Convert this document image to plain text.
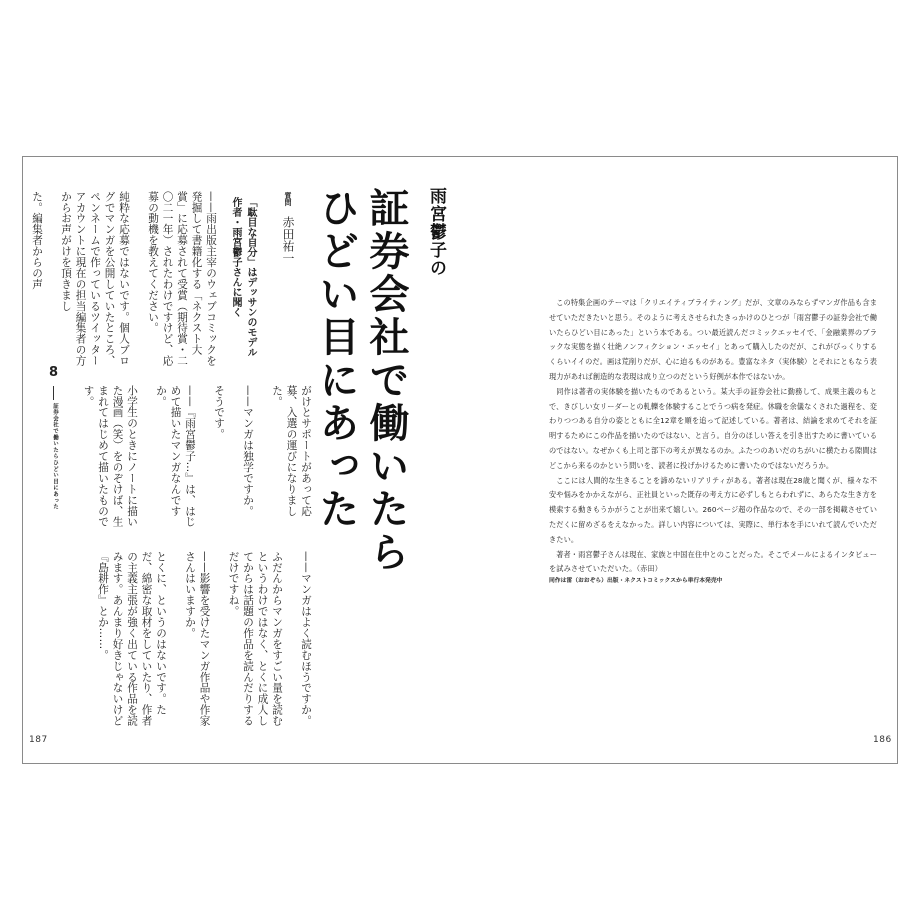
187
8
証券会社で働いたらひどい目にあった
雨宮鬱子の
証券会社で働いたら
ひどい目にあった
質問 赤田祐一
「駄目な自分」はデッサンのモデル
作者・雨宮鬱子さんに聞く

——雨出版主宰のウェブコミックを発掘して書籍化する「ネクスト大賞」に応募されて受賞（期待賞・二〇二一年）されたわけですけど、応募の動機を教えてください。

純粋な応募ではないです。個人ブログでマンガを公開していたところ、ペンネームで作っているツイッターアカウントに現在の担当編集者の方からお声がけを頂きまし

た。編集者からの声

がけとサポートがあって応募、入選の運びになりました。

——マンガは独学ですか。

そうです。

——『雨宮鬱子…』は、はじめて描いたマンガなんですか。

小学生のときにノートに描いた漫画（笑）をのぞけば、生まれてはじめて描いたものです。

——マンガはよく読むほうですか。

ふだんからマンガをすごい量を読むというわけではなく、とくに成人してからは話題の作品を読んだりするだけですね。

——影響を受けたマンガ作品や作家さんはいますか。

とくに、というのはないです。ただ、綿密な取材をしていたり、作者の主義主張が強く出ている作品を読みます。あんまり好きじゃないけど『島耕作』とか……。

この特集企画のテーマは「クリエイティブライティング」だが、文章のみならずマンガ作品も含ませていただきたいと思う。そのように考えさせられたきっかけのひとつが「雨宮鬱子の証券会社で働いたらひどい目にあった」という本である。つい最近読んだコミックエッセイで、「金融業界のブラックな実態を描く壮絶ノンフィクション・エッセイ」とあって購入したのだが、これがびっくりするくらいイイのだ。画は荒削りだが、心に迫るものがある。豊富なネタ（実体験）とそれにともなう表現力があれば創造的な表現は成り立つのだという好例が本作ではないか。

同作は著者の実体験を描いたものであるという。某大手の証券会社に勤務して、成果主義のもとで、きびしい女リーダーとの軋轢を体験することでうつ病を発症。休職を余儀なくされた過程を、変わりつつある自分の姿とともに全12章を順を追って記述している。著者は、結論を求めてそれを証明するためにこの作品を描いたのではない、と言う。自分のほしい答えを引き出すために書いているのではない。なぜかくも上司と部下の考えが異なるのか。ふたつのあいだのちがいに横たわる隙間はどこから来るのかという問いを、読者に投げかけるために書いたのではないだろうか。

ここには人間的な生きることを諦めないリアリティがある。著者は現在28歳と聞くが、様々な不安や悩みをかかえながら、正社員といった既存の考え方に必ずしもとらわれずに、あらたな生き方を模索する動きもうかがうことが出来て嬉しい。260ページ超の作品なので、その一部を掲載させていただくに留めざるをえなかった。詳しい内容については、実際に、単行本を手にいれて読んでいただきたい。

著者・雨宮鬱子さんは現在、家族と中国在住中とのことだった。そこでメールによるインタビューを試みさせていただいた。（赤田）

同作は雷（おおぞら）出版・ネクストコミックスから単行本発売中
186
